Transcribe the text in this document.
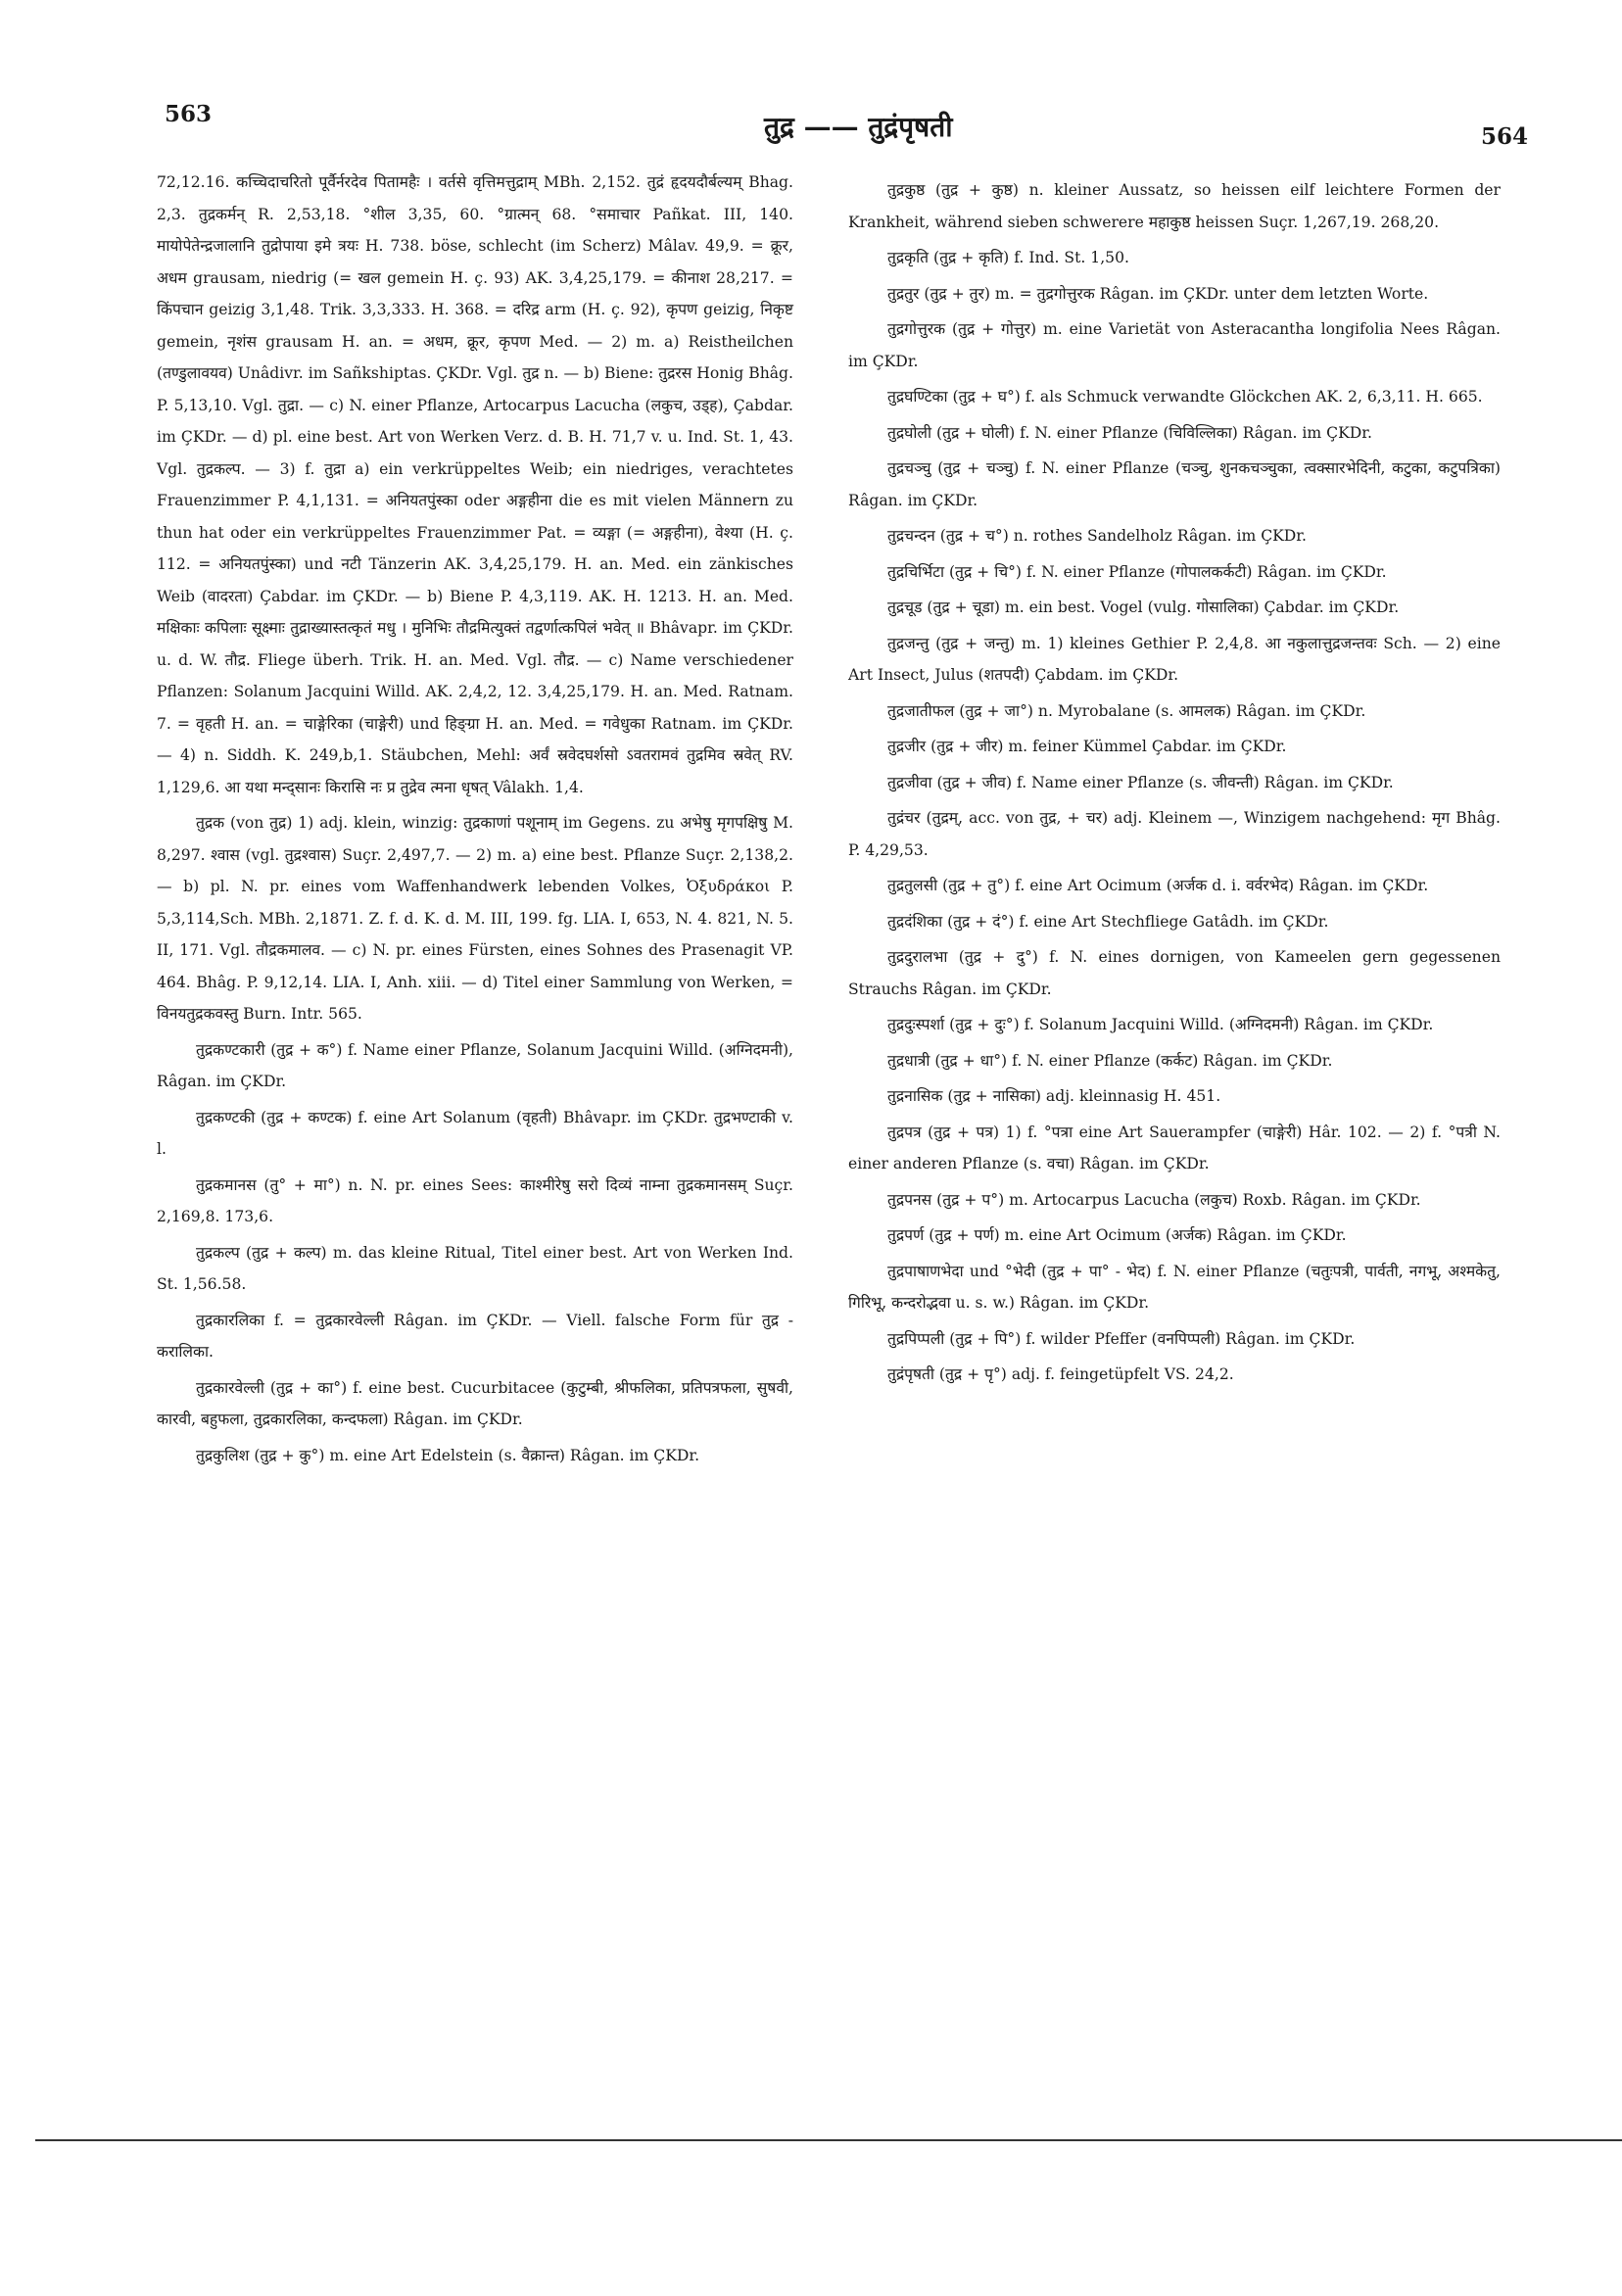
563	तुद्र —— तुद्रंपृषती	564

72,12.16. कच्चिदाचरितो पूर्वैर्नरदेव पितामहैः । वर्तसे वृत्तिमत्तुद्राम् MBh. 2,152. तुद्रं हृदयदौर्बल्यम् Bhag. 2,3. तुद्रकर्मन् R. 2,53,18. °शील 3,35, 60. °ग्रात्मन् 68. °समाचार Pañkat. III, 140. मायोपेतेन्द्रजालानि तुद्रोपाया इमे त्रयः H. 738. böse, schlecht (im Scherz) Mâlav. 49,9. = क्रूर, अधम grausam, niedrig (= खल gemein H. ç. 93) AK. 3,4,25,179. = कीनाश 28,217. = किंपचान geizig 3,1,48. Trik. 3,3,333. H. 368. = दरिद्र arm (H. ç. 92), कृपण geizig, निकृष्ट gemein, नृशंस grausam H. an. = अधम, क्रूर, कृपण Med. — 2) m. a) Reistheilchen (तण्डुलावयव) Unâdivr. im Sañkshiptas. ÇKDr. Vgl. तुद्र n. — b) Biene: तुद्ररस Honig Bhâg. P. 5,13,10. Vgl. तुद्रा. — c) N. einer Pflanze, Artocarpus Lacucha (लकुच, उड्ह), Çabdar. im ÇKDr. — d) pl. eine best. Art von Werken Verz. d. B. H. 71,7 v. u. Ind. St. 1, 43. Vgl. तुद्रकल्प. — 3) f. तुद्रा a) ein verkrüppeltes Weib; ein niedriges, verachtetes Frauenzimmer P. 4,1,131. = अनियतपुंस्का oder अङ्गहीना die es mit vielen Männern zu thun hat oder ein verkrüppeltes Frauenzimmer Pat. = व्यङ्गा (= अङ्गहीना), वेश्या (H. ç. 112. = अनियतपुंस्का) und नटी Tänzerin AK. 3,4,25,179. H. an. Med. ein zänkisches Weib (वादरता) Çabdar. im ÇKDr. — b) Biene P. 4,3,119. AK. H. 1213. H. an. Med. मक्षिकाः कपिलाः सूक्ष्माः तुद्राख्यास्तत्कृतं मधु । मुनिभिः तौद्रमित्युक्तं तद्वर्णात्कपिलं भवेत् ॥ Bhâvapr. im ÇKDr. u. d. W. तौद्र. Fliege überh. Trik. H. an. Med. Vgl. तौद्र. — c) Name verschiedener Pflanzen: Solanum Jacquini Willd. AK. 2,4,2, 12. 3,4,25,179. H. an. Med. Ratnam. 7. = वृहती H. an. = चाङ्गेरिका (चाङ्गेरी) und हिङ्ग्रा H. an. Med. = गवेधुका Ratnam. im ÇKDr. — 4) n. Siddh. K. 249,b,1. Stäubchen, Mehl: अर्वं स्रवेदघर्शसो ऽवतरामवं तुद्रमिव स्रवेत् RV. 1,129,6. आ यथा मन्द्सानः किरासि नः प्र तुद्रेव त्मना धृषत् Vâlakh. 1,4.

तुद्रक (von तुद्र) 1) adj. klein, winzig: तुद्रकाणां पशूनाम् im Gegens. zu अभेषु मृगपक्षिषु M. 8,297. श्वास (vgl. तुद्रश्वास) Suçr. 2,497,7. — 2) m. a) eine best. Pflanze Suçr. 2,138,2. — b) pl. N. pr. eines vom Waffenhandwerk lebenden Volkes, Ὀξυδράκοι P. 5,3,114,Sch. MBh. 2,1871. Z. f. d. K. d. M. III, 199. fg. LIA. I, 653, N. 4. 821, N. 5. II, 171. Vgl. तौद्रकमालव. — c) N. pr. eines Fürsten, eines Sohnes des Prasenagit VP. 464. Bhâg. P. 9,12,14. LIA. I, Anh. xiii. — d) Titel einer Sammlung von Werken, = विनयतुद्रकवस्तु Burn. Intr. 565.

तुद्रकण्टकारी (तुद्र + क°) f. Name einer Pflanze, Solanum Jacquini Willd. (अग्निदमनी), Râgan. im ÇKDr.

तुद्रकण्टकी (तुद्र + कण्टक) f. eine Art Solanum (वृहती) Bhâvapr. im ÇKDr. तुद्रभण्टाकी v. l.

तुद्रकमानस (तु° + मा°) n. N. pr. eines Sees: काश्मीरेषु सरो दिव्यं नाम्ना तुद्रकमानसम् Suçr. 2,169,8. 173,6.

तुद्रकल्प (तुद्र + कल्प) m. das kleine Ritual, Titel einer best. Art von Werken Ind. St. 1,56.58.

तुद्रकारलिका f. = तुद्रकारवेल्ली Râgan. im ÇKDr. — Viell. falsche Form für तुद्र - करालिका.

तुद्रकारवेल्ली (तुद्र + का°) f. eine best. Cucurbitacee (कुटुम्बी, श्रीफलिका, प्रतिपत्रफला, सुषवी, कारवी, बहुफला, तुद्रकारलिका, कन्दफला) Râgan. im ÇKDr.

तुद्रकुलिश (तुद्र + कु°) m. eine Art Edelstein (s. वैक्रान्त) Râgan. im ÇKDr.

तुद्रकुष्ठ (तुद्र + कुष्ठ) n. kleiner Aussatz, so heissen eilf leichtere Formen der Krankheit, während sieben schwerere महाकुष्ठ heissen Suçr. 1,267,19. 268,20.

तुद्रकृति (तुद्र + कृति) f. Ind. St. 1,50.

तुद्रतुर (तुद्र + तुर) m. = तुद्रगोत्तुरक Râgan. im ÇKDr. unter dem letzten Worte.

तुद्रगोत्तुरक (तुद्र + गोत्तुर) m. eine Varietät von Asteracantha longifolia Nees Râgan. im ÇKDr.

तुद्रघण्टिका (तुद्र + घ°) f. als Schmuck verwandte Glöckchen AK. 2, 6,3,11. H. 665.

तुद्रघोली (तुद्र + घोली) f. N. einer Pflanze (चिविल्लिका) Râgan. im ÇKDr.

तुद्रचञ्चु (तुद्र + चञ्चु) f. N. einer Pflanze (चञ्चु, शुनकचञ्चुका, त्वक्सारभेदिनी, कटुका, कटुपत्रिका) Râgan. im ÇKDr.

तुद्रचन्दन (तुद्र + च°) n. rothes Sandelholz Râgan. im ÇKDr.

तुद्रचिर्भिटा (तुद्र + चि°) f. N. einer Pflanze (गोपालकर्कटी) Râgan. im ÇKDr.

तुद्रचूड (तुद्र + चूडा) m. ein best. Vogel (vulg. गोसालिका) Çabdar. im ÇKDr.

तुद्रजन्तु (तुद्र + जन्तु) m. 1) kleines Gethier P. 2,4,8. आ नकुलात्तुद्रजन्तवः Sch. — 2) eine Art Insect, Julus (शतपदी) Çabdam. im ÇKDr.

तुद्रजातीफल (तुद्र + जा°) n. Myrobalane (s. आमलक) Râgan. im ÇKDr.

तुद्रजीर (तुद्र + जीर) m. feiner Kümmel Çabdar. im ÇKDr.

तुद्रजीवा (तुद्र + जीव) f. Name einer Pflanze (s. जीवन्ती) Râgan. im ÇKDr.

तुद्रंचर (तुद्रम्, acc. von तुद्र, + चर) adj. Kleinem —, Winzigem nachgehend: मृग Bhâg. P. 4,29,53.

तुद्रतुलसी (तुद्र + तु°) f. eine Art Ocimum (अर्जक d. i. वर्वरभेद) Râgan. im ÇKDr.

तुद्रदंशिका (तुद्र + दं°) f. eine Art Stechfliege Gatâdh. im ÇKDr.

तुद्रदुरालभा (तुद्र + दु°) f. N. eines dornigen, von Kameelen gern gegessenen Strauchs Râgan. im ÇKDr.

तुद्रदुःस्पर्शा (तुद्र + दुः°) f. Solanum Jacquini Willd. (अग्निदमनी) Râgan. im ÇKDr.

तुद्रधात्री (तुद्र + धा°) f. N. einer Pflanze (कर्कट) Râgan. im ÇKDr.

तुद्रनासिक (तुद्र + नासिका) adj. kleinnasig H. 451.

तुद्रपत्र (तुद्र + पत्र) 1) f. °पत्रा eine Art Sauerampfer (चाङ्गेरी) Hâr. 102. — 2) f. °पत्री N. einer anderen Pflanze (s. वचा) Râgan. im ÇKDr.

तुद्रपनस (तुद्र + प°) m. Artocarpus Lacucha (लकुच) Roxb. Râgan. im ÇKDr.

तुद्रपर्ण (तुद्र + पर्ण) m. eine Art Ocimum (अर्जक) Râgan. im ÇKDr.

तुद्रपाषाणभेदा und °भेदी (तुद्र + पा° - भेद) f. N. einer Pflanze (चतुःपत्री, पार्वती, नगभू, अश्मकेतु, गिरिभू, कन्दरोद्भवा u. s. w.) Râgan. im ÇKDr.

तुद्रपिप्पली (तुद्र + पि°) f. wilder Pfeffer (वनपिप्पली) Râgan. im ÇKDr.

तुद्रंपृषती (तुद्र + पृ°) adj. f. feingetüpfelt VS. 24,2.
